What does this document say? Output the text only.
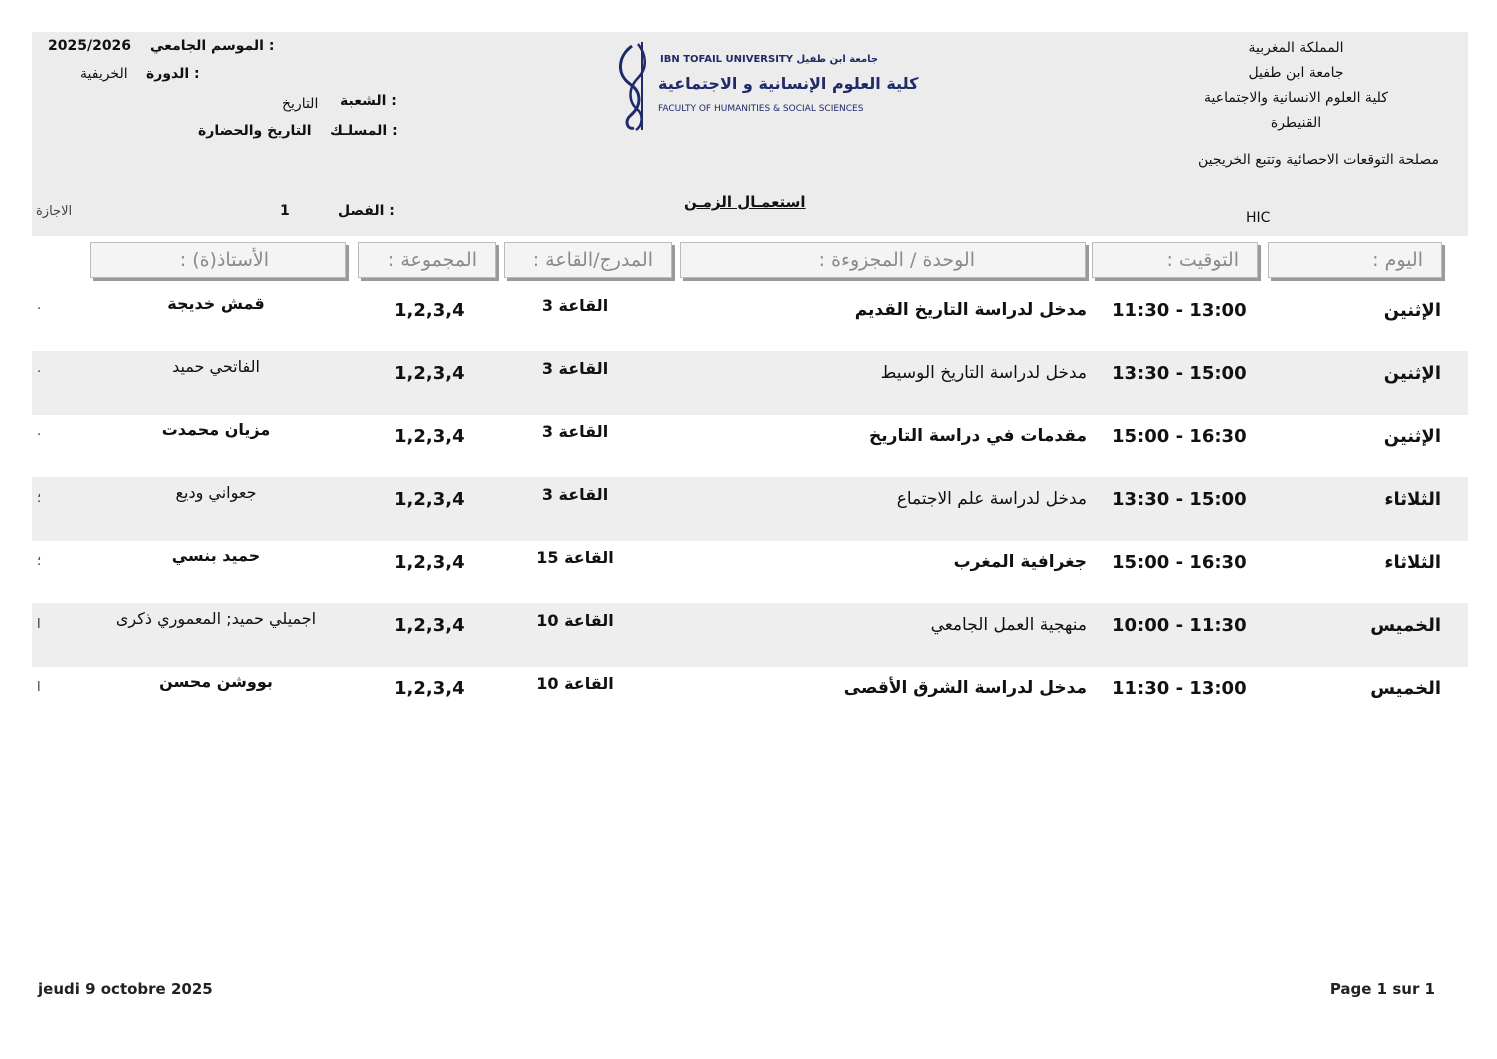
المملكة المغربية
جامعة ابن طفيل
كلية العلوم الانسانية والاجتماعية
القنيطرة
مصلحة التوقعات الاحصائية وتتبع الخريجين
HIC
IBN TOFAIL UNIVERSITY جامعة ابن طفيل
كلية العلوم الإنسانية و الاجتماعية
FACULTY OF HUMANITIES & SOCIAL SCIENCES
الموسم الجامعي :
2025/2026
الدورة :
الخريفية
الشعبة :
التاريخ
المسلـك :
التاريخ والحضارة
الفصل :
1
الاجازة
استعمـال الزمـن
اليوم :
التوقيت :
الوحدة / المجزوءة :
المدرج/القاعة :
المجموعة :
الأستاذ(ة) :
الإثنين
11:30 - 13:00
مدخل لدراسة التاريخ القديم
القاعة 3
1,2,3,4
قمش خديجة
·
الإثنين
13:30 - 15:00
مدخل لدراسة التاريخ الوسيط
القاعة 3
1,2,3,4
الفاتحي حميد
·
الإثنين
15:00 - 16:30
مقدمات في دراسة التاريخ
القاعة 3
1,2,3,4
مزيان محمدت
·
الثلاثاء
13:30 - 15:00
مدخل لدراسة علم الاجتماع
القاعة 3
1,2,3,4
جعواني وديع
؛
الثلاثاء
15:00 - 16:30
جغرافية المغرب
القاعة 15
1,2,3,4
حميد بنسي
؛
الخميس
10:00 - 11:30
منهجية العمل الجامعي
القاعة 10
1,2,3,4
اجميلي حميد; المعموري ذكرى
ا
الخميس
11:30 - 13:00
مدخل لدراسة الشرق الأقصى
القاعة 10
1,2,3,4
بووشن محسن
ا
jeudi 9 octobre 2025	Page 1 sur 1
